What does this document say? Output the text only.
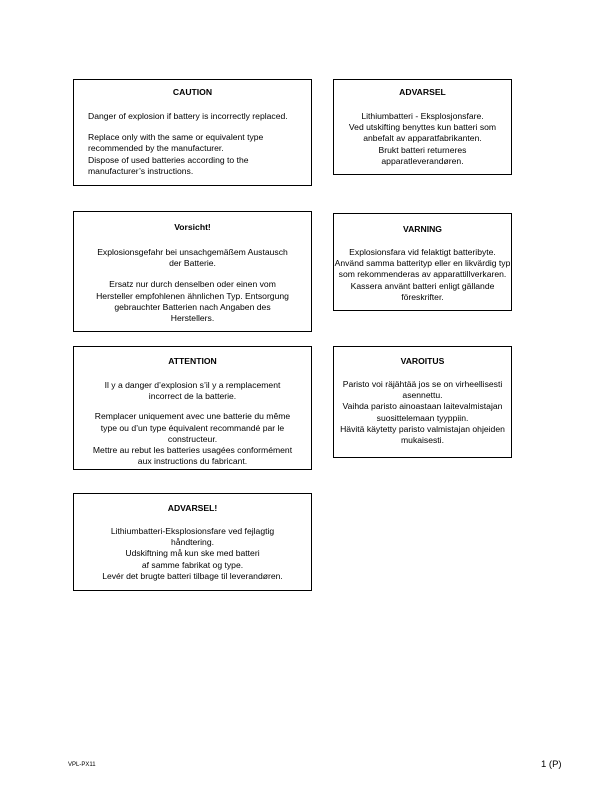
CAUTION

Danger of explosion if battery is incorrectly replaced.

Replace only with the same or equivalent type
recommended by the manufacturer.
Dispose of used batteries according to the
manufacturer’s instructions.

ADVARSEL

Lithiumbatteri - Eksplosjonsfare.
Ved utskifting benyttes kun batteri som
anbefalt av apparatfabrikanten.
Brukt batteri returneres
apparatleverandøren.

Vorsicht!

Explosionsgefahr bei unsachgemäßem Austausch
der Batterie.

Ersatz nur durch denselben oder einen vom
Hersteller empfohlenen ähnlichen Typ. Entsorgung
gebrauchter Batterien nach Angaben des
Herstellers.

VARNING

Explosionsfara vid felaktigt batteribyte.
Använd samma batterityp eller en likvärdig typ
som rekommenderas av apparattillverkaren.
Kassera använt batteri enligt gällande
föreskrifter.

ATTENTION

Il y a danger d’explosion s’il y a remplacement
incorrect de la batterie.

Remplacer uniquement avec une batterie du même
type ou d’un type équivalent recommandé par le
constructeur.
Mettre au rebut les batteries usagées conformément
aux instructions du fabricant.

VAROITUS

Paristo voi räjähtää jos se on virheellisesti
asennettu.
Vaihda paristo ainoastaan laitevalmistajan
suosittelemaan tyyppiin.
Hävitä käytetty paristo valmistajan ohjeiden
mukaisesti.

ADVARSEL!

Lithiumbatteri-Eksplosionsfare ved fejlagtig
håndtering.
Udskiftning må kun ske med batteri
af samme fabrikat og type.
Levér det brugte batteri tilbage til leverandøren.

VPL-PX11	1 (P)
